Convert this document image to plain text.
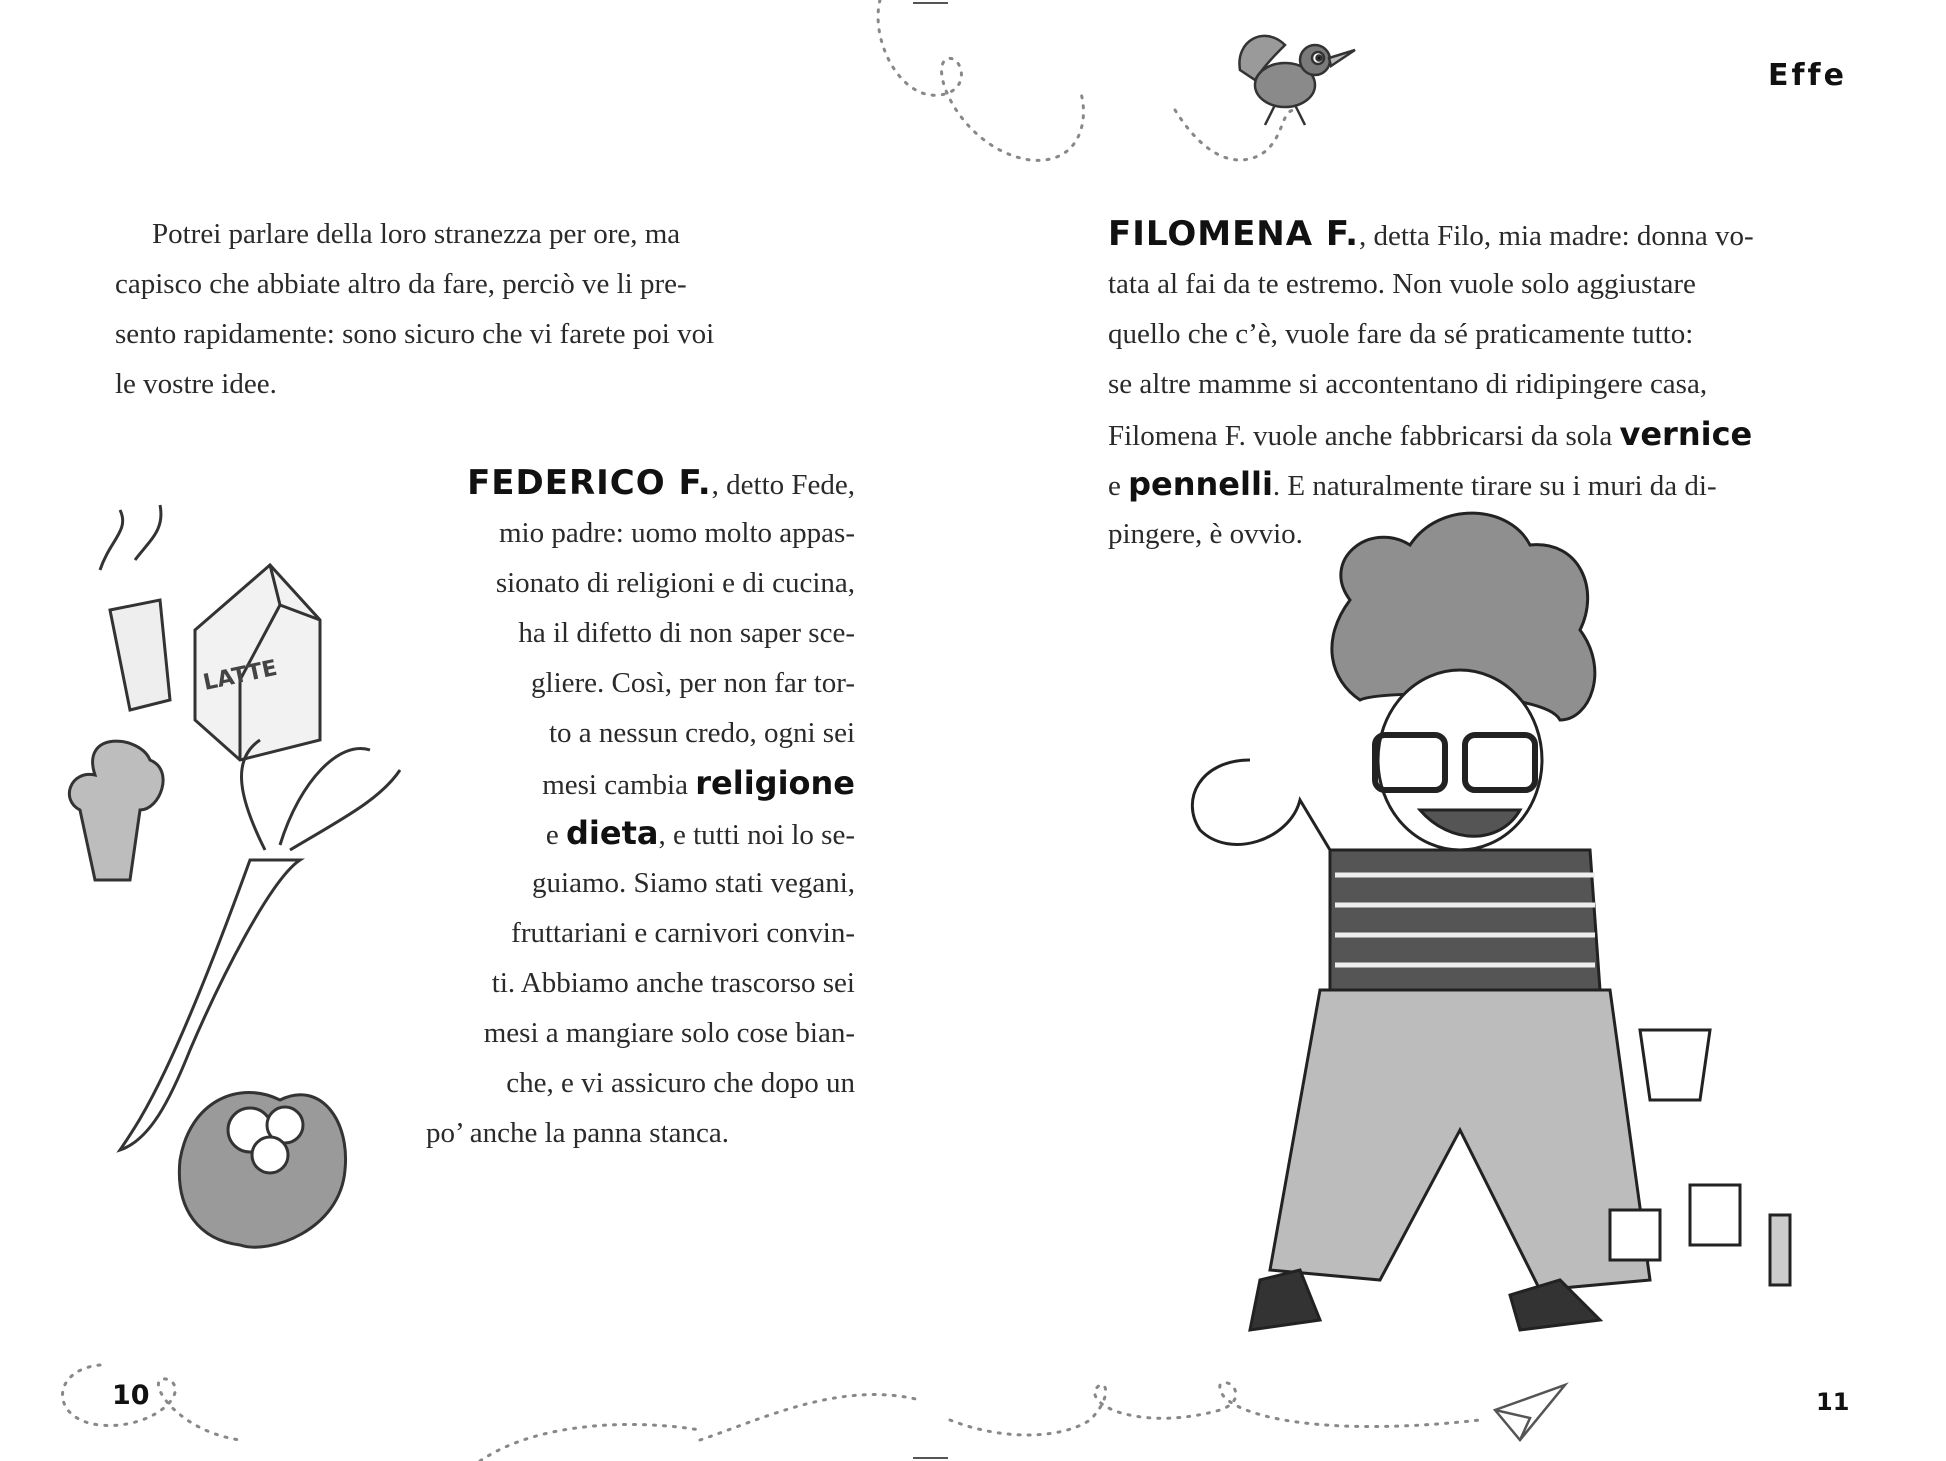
LATTE
Effe

Potrei parlare della loro stranezza per ore, ma

capisco che abbiate altro da fare, perciò ve li pre-

sento rapidamente: sono sicuro che vi farete poi voi

le vostre idee.

FEDERICO F., detto Fede,

mio padre: uomo molto appas-

sionato di religioni e di cucina,

ha il difetto di non saper sce-

gliere. Così, per non far tor-

to a nessun credo, ogni sei

mesi cambia religione

e dieta, e tutti noi lo se-

guiamo. Siamo stati vegani,

fruttariani e carnivori convin-

ti. Abbiamo anche trascorso sei

mesi a mangiare solo cose bian-

che, e vi assicuro che dopo un

po’ anche la panna stanca.

FILOMENA F., detta Filo, mia madre: donna vo-

tata al fai da te estremo. Non vuole solo aggiustare

quello che c’è, vuole fare da sé praticamente tutto:

se altre mamme si accontentano di ridipingere casa,

Filomena F. vuole anche fabbricarsi da sola vernice

e pennelli. E naturalmente tirare su i muri da di-

pingere, è ovvio.

10	11
